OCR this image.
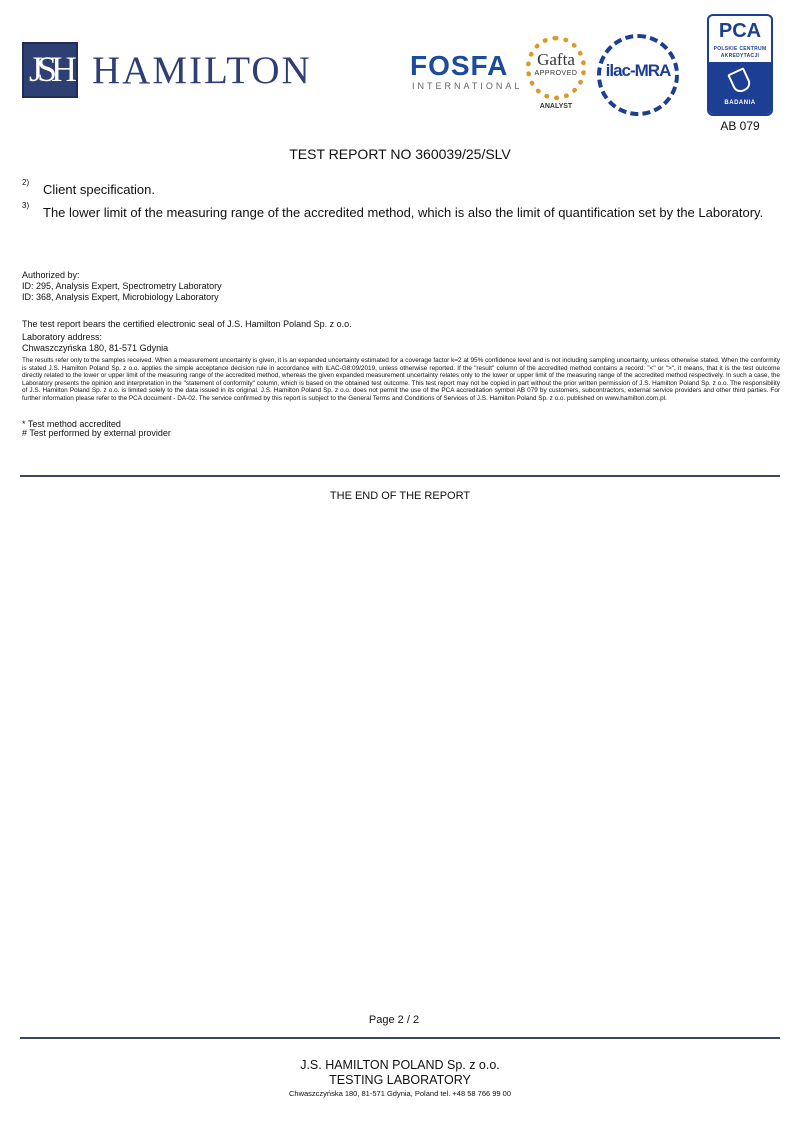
JSH HAMILTON	FOSFA
INTERNATIONAL
Gafta
APPROVED
ANALYST
ilac-MRA
PCA
POLSKIE CENTRUM
AKREDYTACJI
BADANIA
AB 079
TEST REPORT NO 360039/25/SLV
2) Client specification.
3) The lower limit of the measuring range of the accredited method, which is also the limit of quantification set by the Laboratory.
Authorized by:
ID: 295, Analysis Expert, Spectrometry Laboratory
ID: 368, Analysis Expert, Microbiology Laboratory
The test report bears the certified electronic seal of J.S. Hamilton Poland Sp. z o.o.
Laboratory address:
Chwaszczyńska 180, 81-571 Gdynia
The results refer only to the samples received. When a measurement uncertainty is given, it is an expanded uncertainty estimated for a coverage factor k=2 at 95% confidence level and is not including sampling uncertainty, unless otherwise stated. When the conformity is stated J.S. Hamilton Poland Sp. z o.o. applies the simple acceptance decision rule in accordance with ILAC-G8:09/2019, unless otherwise reported. If the "result" column of the accredited method contains a record: "<" or ">", it means, that it is the test outcome directly related to the lower or upper limit of the measuring range of the accredited method, whereas the given expanded measurement uncertainty relates only to the lower or upper limit of the measuring range of the accredited method respectively. In such a case, the Laboratory presents the opinion and interpretation in the "statement of conformity" column, which is based on the obtained test outcome. This test report may not be copied in part without the prior written permission of J.S. Hamilton Poland Sp. z o.o. The responsibility of J.S. Hamilton Poland Sp. z o.o. is limited solely to the data issued in its original. J.S. Hamilton Poland Sp. z o.o. does not permit the use of the PCA accreditation symbol AB 079 by customers, subcontractors, external service providers and other third parties. For further information please refer to the PCA document - DA-02. The service confirmed by this report is subject to the General Terms and Conditions of Services of J.S. Hamilton Poland Sp. z o.o. published on www.hamilton.com.pl.
* Test method accredited
# Test performed by external provider
THE END OF THE REPORT
Page 2 / 2
J.S. HAMILTON POLAND Sp. z o.o.
TESTING LABORATORY
Chwaszczyńska 180, 81-571 Gdynia, Poland tel. +48 58 766 99 00
